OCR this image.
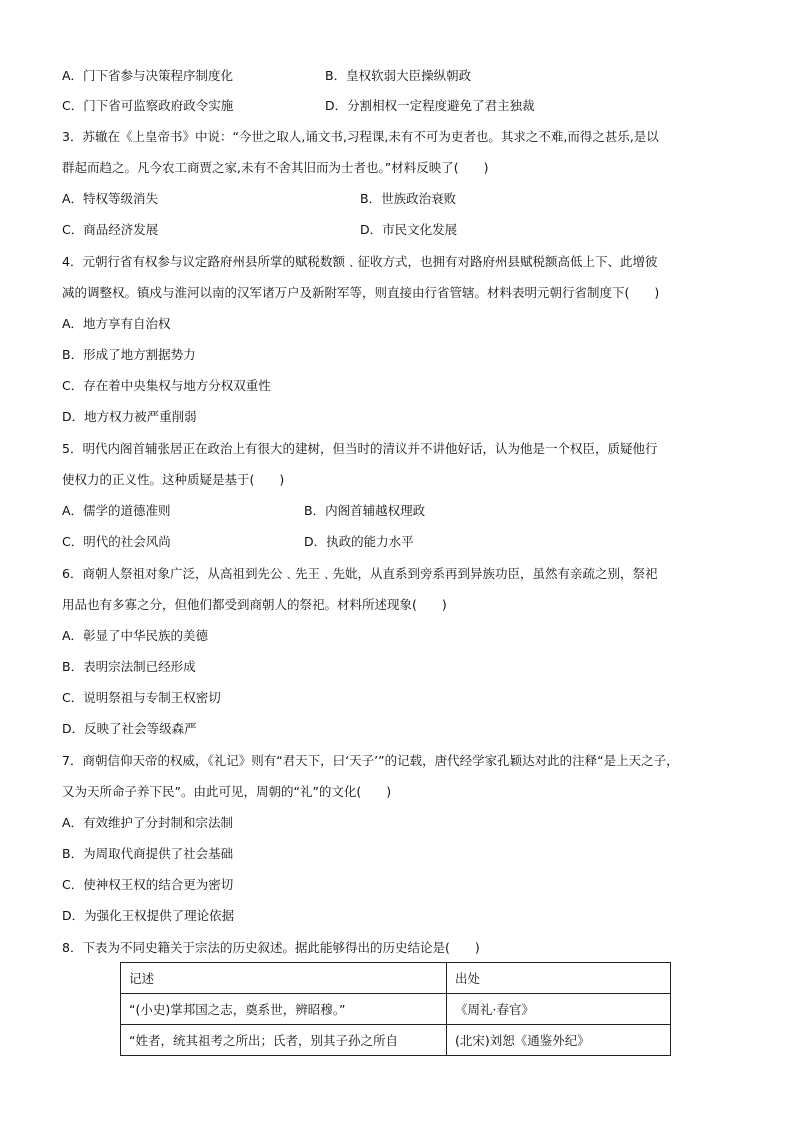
A．门下省参与决策程序制度化	B．皇权软弱大臣操纵朝政
C．门下省可监察政府政令实施	D．分割相权一定程度避免了君主独裁
3．苏辙在《上皇帝书》中说：“今世之取人,诵文书,习程课,未有不可为吏者也。其求之不难,而得之甚乐,是以
群起而趋之。凡今农工商贾之家,未有不舍其旧而为士者也。”材料反映了(　　)
A．特权等级消失	B．世族政治衰败
C．商品经济发展	D．市民文化发展
4．元朝行省有权参与议定路府州县所掌的赋税数额﹑征收方式，也拥有对路府州县赋税额高低上下、此增彼
减的调整权。镇戍与淮河以南的汉军诸万户及新附军等，则直接由行省管辖。材料表明元朝行省制度下(　　)
A．地方享有自治权
B．形成了地方割据势力
C．存在着中央集权与地方分权双重性
D．地方权力被严重削弱
5．明代内阁首辅张居正在政治上有很大的建树，但当时的清议并不讲他好话，认为他是一个权臣，质疑他行
使权力的正义性。这种质疑是基于(　　)
A．儒学的道德准则	B．内阁首辅越权理政
C．明代的社会风尚	D．执政的能力水平
6．商朝人祭祖对象广泛，从高祖到先公﹑先王﹑先妣，从直系到旁系再到异族功臣，虽然有亲疏之别，祭祀
用品也有多寡之分，但他们都受到商朝人的祭祀。材料所述现象(　　)
A．彰显了中华民族的美德
B．表明宗法制已经形成
C．说明祭祖与专制王权密切
D．反映了社会等级森严
7．商朝信仰天帝的权威，《礼记》则有“君天下，曰‘天子’”的记载，唐代经学家孔颖达对此的注释“是上天之子，
又为天所命子养下民”。由此可见，周朝的“礼”的文化(　　)
A．有效维护了分封制和宗法制
B．为周取代商提供了社会基础
C．使神权王权的结合更为密切
D．为强化王权提供了理论依据
8．下表为不同史籍关于宗法的历史叙述。据此能够得出的历史结论是(　　)
记述	出处
“(小史)掌邦国之志，奠系世，辨昭穆。”	《周礼·春官》
“姓者，统其祖考之所出；氏者，别其子孙之所自	(北宋)刘恕《通鉴外纪》
